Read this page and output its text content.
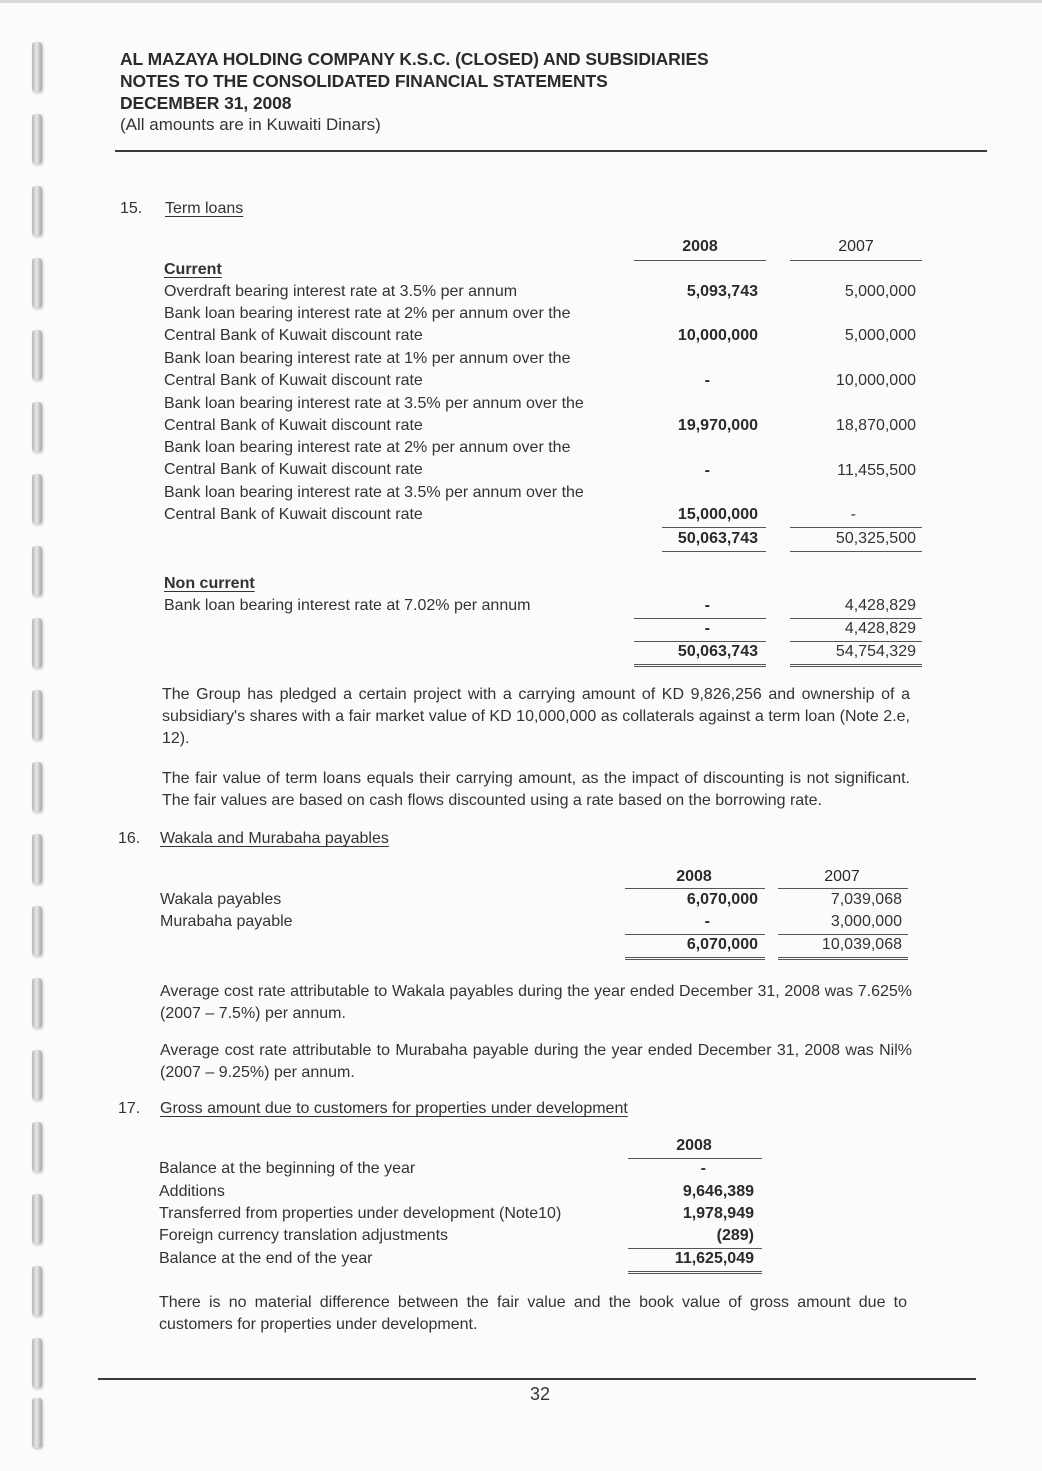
AL MAZAYA HOLDING COMPANY K.S.C. (CLOSED) AND SUBSIDIARIES
NOTES TO THE CONSOLIDATED FINANCIAL STATEMENTS
DECEMBER 31, 2008
(All amounts are in Kuwaiti Dinars)
15. Term loans
2008	2007
Current
Overdraft bearing interest rate at 3.5% per annum	5,093,743	5,000,000
Bank loan bearing interest rate at 2% per annum over the
Central Bank of Kuwait discount rate	10,000,000	5,000,000
Bank loan bearing interest rate at 1% per annum over the
Central Bank of Kuwait discount rate	-	10,000,000
Bank loan bearing interest rate at 3.5% per annum over the
Central Bank of Kuwait discount rate	19,970,000	18,870,000
Bank loan bearing interest rate at 2% per annum over the
Central Bank of Kuwait discount rate	-	11,455,500
Bank loan bearing interest rate at 3.5% per annum over the
Central Bank of Kuwait discount rate	15,000,000	-
50,063,743	50,325,500
Non current
Bank loan bearing interest rate at 7.02% per annum	-	4,428,829
-	4,428,829
50,063,743	54,754,329
The Group has pledged a certain project with a carrying amount of KD 9,826,256 and ownership of a subsidiary's shares with a fair market value of KD 10,000,000 as collaterals against a term loan (Note 2.e, 12).
The fair value of term loans equals their carrying amount, as the impact of discounting is not significant. The fair values are based on cash flows discounted using a rate based on the borrowing rate.
16. Wakala and Murabaha payables
2008	2007
Wakala payables	6,070,000	7,039,068
Murabaha payable	-	3,000,000
6,070,000	10,039,068
Average cost rate attributable to Wakala payables during the year ended December 31, 2008 was 7.625% (2007 – 7.5%) per annum.
Average cost rate attributable to Murabaha payable during the year ended December 31, 2008 was Nil% (2007 – 9.25%) per annum.
17. Gross amount due to customers for properties under development
2008
Balance at the beginning of the year	-
Additions	9,646,389
Transferred from properties under development (Note10)	1,978,949
Foreign currency translation adjustments	(289)
Balance at the end of the year	11,625,049
There is no material difference between the fair value and the book value of gross amount due to customers for properties under development.
32
